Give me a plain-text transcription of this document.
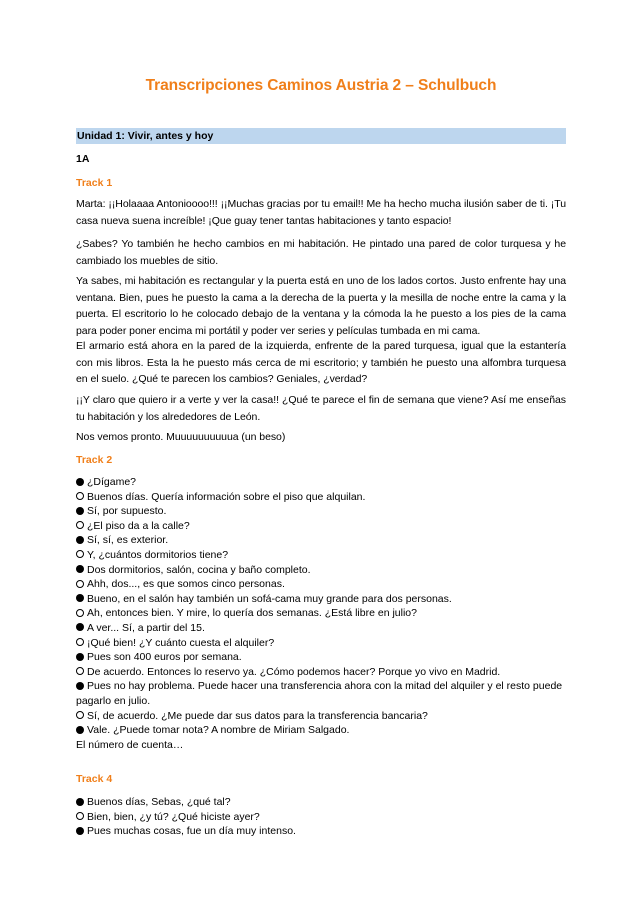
Transcripciones Caminos Austria 2 – Schulbuch
Unidad 1: Vivir, antes y hoy
1A
Track 1
Marta: ¡¡Holaaaa Antonioooo!!! ¡¡Muchas gracias por tu email!! Me ha hecho mucha ilusión saber de ti. ¡Tu casa nueva suena increíble! ¡Que guay tener tantas habitaciones y tanto espacio!
¿Sabes? Yo también he hecho cambios en mi habitación. He pintado una pared de color turquesa y he cambiado los muebles de sitio.
Ya sabes, mi habitación es rectangular y la puerta está en uno de los lados cortos. Justo enfrente hay una ventana. Bien, pues he puesto la cama a la derecha de la puerta y la mesilla de noche entre la cama y la puerta. El escritorio lo he colocado debajo de la ventana y la cómoda la he puesto a los pies de la cama para poder poner encima mi portátil y poder ver series y películas tumbada en mi cama.
El armario está ahora en la pared de la izquierda, enfrente de la pared turquesa, igual que la estantería con mis libros. Esta la he puesto más cerca de mi escritorio; y también he puesto una alfombra turquesa en el suelo. ¿Qué te parecen los cambios? Geniales, ¿verdad?
¡¡Y claro que quiero ir a verte y ver la casa!! ¿Qué te parece el fin de semana que viene? Así me enseñas tu habitación y los alrededores de León.
Nos vemos pronto. Muuuuuuuuuua (un beso)
Track 2
¿Dígame?
Buenos días. Quería información sobre el piso que alquilan.
Sí, por supuesto.
¿El piso da a la calle?
Sí, sí, es exterior.
Y, ¿cuántos dormitorios tiene?
Dos dormitorios, salón, cocina y baño completo.
Ahh, dos..., es que somos cinco personas.
Bueno, en el salón hay también un sofá-cama muy grande para dos personas.
Ah, entonces bien. Y mire, lo quería dos semanas. ¿Está libre en julio?
A ver... Sí, a partir del 15.
¡Qué bien! ¿Y cuánto cuesta el alquiler?
Pues son 400 euros por semana.
De acuerdo. Entonces lo reservo ya. ¿Cómo podemos hacer? Porque yo vivo en Madrid.
Pues no hay problema. Puede hacer una transferencia ahora con la mitad del alquiler y el resto puede pagarlo en julio.
Sí, de acuerdo. ¿Me puede dar sus datos para la transferencia bancaria?
Vale. ¿Puede tomar nota? A nombre de Miriam Salgado.
El número de cuenta…
Track 4
Buenos días, Sebas, ¿qué tal?
Bien, bien, ¿y tú? ¿Qué hiciste ayer?
Pues muchas cosas, fue un día muy intenso.
